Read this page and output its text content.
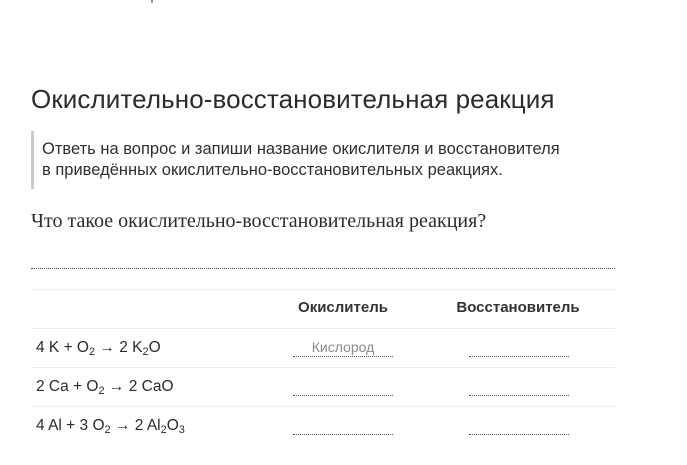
Окислительно-восстановительная реакция
Ответь на вопрос и запиши название окислителя и восстановителя
в приведённых окислительно-восстановительных реакциях.

Что такое окислительно-восстановительная реакция?

Окислитель	Восстановитель
4 $K + O_2 \to 2$ $K_2O$	Кислород
2 $Ca + O_2 \to 2$ CaO
4 Al + 3 $O_2 \to 2$ $Al_2O_3$
